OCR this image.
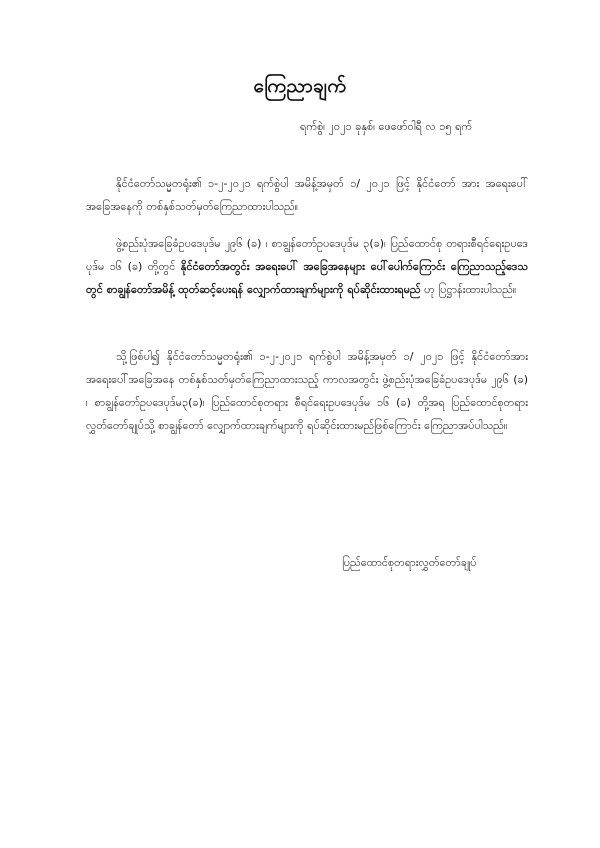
ကြေညာချက်
ရက်စွဲ၊ ၂၀၂၁ ခုနှစ်၊ ဖေဖော်ဝါရီ လ ၁၅ ရက်
နိုင်ငံတော်သမ္မတရုံး၏ ၁-၂-၂၀၂၁ ရက်စွဲပါ အမိန့်အမှတ် ၁/ ၂၀၂၁ ဖြင့် နိုင်ငံတော် အား အရေးပေါ် အခြေအနေကို တစ်နှစ်သတ်မှတ်ကြေညာထားပါသည်။
ဖွဲ့စည်းပုံအခြေခံဥပဒေပုဒ်မ ၂၉၆ (ခ) ၊ စာချွန်တော်ဥပဒေပုဒ်မ ၃(ခ)၊ ပြည်ထောင်စု တရားစီရင်ရေးဥပဒေပုဒ်မ ၁၆ (ခ) တို့တွင် နိုင်ငံတော်အတွင်း အရေးပေါ် အခြေအနေများ ပေါ်ပေါက်ကြောင်း ကြေညာသည့်ဒေသတွင် စာချွန်တော်အမိန့် ထုတ်ဆင့်ပေးရန် လျှောက်ထားချက်များကို ရပ်ဆိုင်းထားရမည် ဟု ပြဋ္ဌာန်းထားပါသည်။
သို့ဖြစ်ပါ၍ နိုင်ငံတော်သမ္မတရုံး၏ ၁-၂-၂၀၂၁ ရက်စွဲပါ အမိန့်အမှတ် ၁/ ၂၀၂၁ ဖြင့် နိုင်ငံတော်အား အရေးပေါ်အခြေအနေ တစ်နှစ်သတ်မှတ်ကြေညာထားသည့် ကာလအတွင်း ဖွဲ့စည်းပုံအခြေခံဥပဒေပုဒ်မ ၂၉၆ (ခ) ၊ စာချွန်တော်ဥပဒေပုဒ်မ၃(ခ)၊ ပြည်ထောင်စုတရား စီရင်ရေးဥပဒေပုဒ်မ ၁၆ (ခ) တို့အရ ပြည်ထောင်စုတရားလွှတ်တော်ချုပ်သို့ စာချွန်တော် လျှောက်ထားချက်များကို ရပ်ဆိုင်းထားမည်ဖြစ်ကြောင်း ကြေညာအပ်ပါသည်။
ပြည်ထောင်စုတရားလွှတ်တော်ချုပ်
